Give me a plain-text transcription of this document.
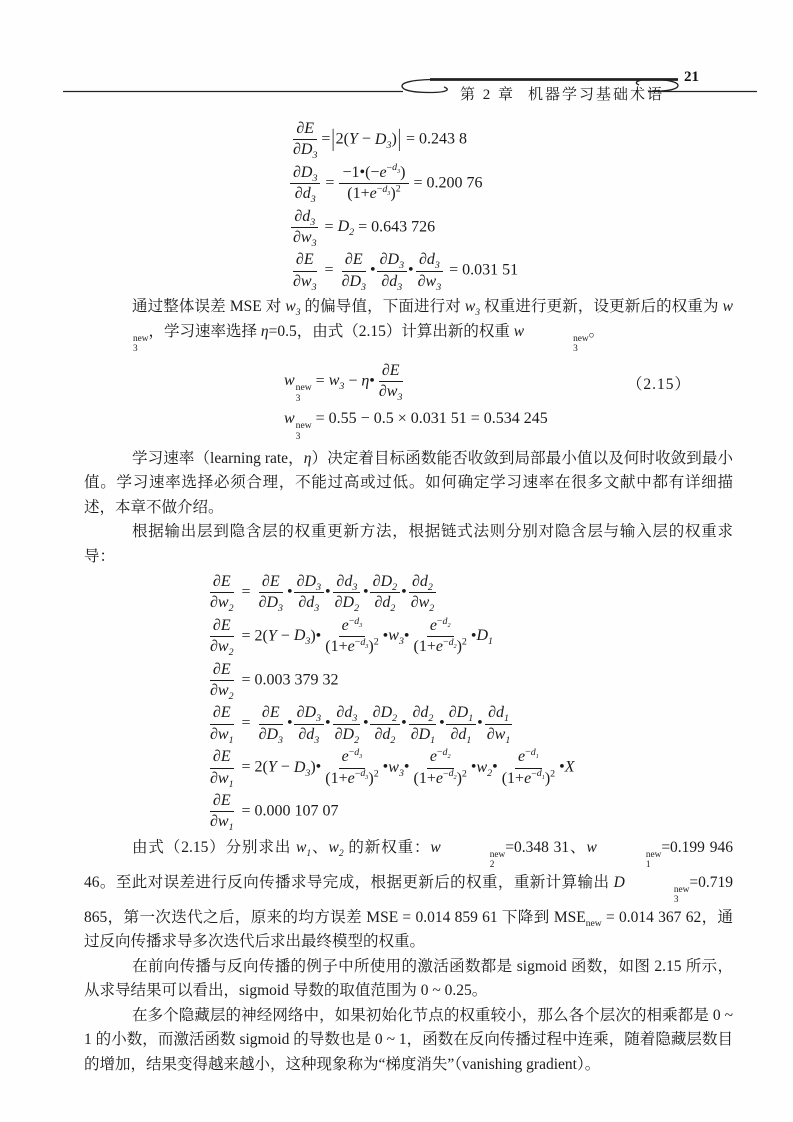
第 2 章 机器学习基础术语
21
$\frac{\partial E}{\partial D_3} =|2(Y - D_3)| = 0.243$ 8
$\frac{\partial D_3}{\partial d_3} = \frac{-1•(-e^{-d_3})}{(1+e^{-d_3})^2} = 0.200$ 76
$\frac{\partial d_3}{\partial w_3} = D_2 = 0.643$ 726
$\frac{\partial E}{\partial w_3} = \frac{\partial E}{\partial D_3}$ • $\frac{\partial D_3}{\partial d_3}$ • $\frac{\partial d_3}{\partial w_3} = 0.031$ 51

通过整体误差 MSE 对 $w_3$ 的偏导值，下面进行对 $w_3$ 权重进行更新，设更新后的权重为 w
new
3
，学习速率选择 η=0.5，由式（2.15）计算出新的权重 w	new
3
。

w new
3
= $w_3$ − η• $\frac{\partial E}{\partial w_3}$	（2.15）
w new
3
= 0.55 − 0.5 × 0.031 51 = 0.534 245

学习速率（learning rate，η）决定着目标函数能否收敛到局部最小值以及何时收敛到最小值。学习速率选择必须合理，不能过高或过低。如何确定学习速率在很多文献中都有详细描述，本章不做介绍。

根据输出层到隐含层的权重更新方法，根据链式法则分别对隐含层与输入层的权重求导：

$\frac{\partial E}{\partial w_2} = \frac{\partial E}{\partial D_3}$ • $\frac{\partial D_3}{\partial d_3}$ • $\frac{\partial d_3}{\partial D_2}$ • $\frac{\partial D_2}{\partial d_2}$ • $\frac{\partial d_2}{\partial w_2}$
$\frac{\partial E}{\partial w_2} = 2(Y$ − $D_3)• \frac{e^{-d_3}}{(1+e^{-d_3})^2}$ $•w_3• \frac{e^{-d_2}}{(1+e^{-d_2})^2}$ $•D_1$
$\frac{\partial E}{\partial w_2} = 0.003$ 379 32
$\frac{\partial E}{\partial w_1} = \frac{\partial E}{\partial D_3}$ • $\frac{\partial D_3}{\partial d_3}$ • $\frac{\partial d_3}{\partial D_2}$ • $\frac{\partial D_2}{\partial d_2}$ • $\frac{\partial d_2}{\partial D_1}$ • $\frac{\partial D_1}{\partial d_1}$ • $\frac{\partial d_1}{\partial w_1}$
$\frac{\partial E}{\partial w_1} = 2(Y$ − $D_3)• \frac{e^{-d_3}}{(1+e^{-d_3})^2}$ $•w_3• \frac{e^{-d_2}}{(1+e^{-d_2})^2}$ $•w_2• \frac{e^{-d_1}}{(1+e^{-d_1})^2}$ •X
$\frac{\partial E}{\partial w_1} = 0.000$ 107 07

由式（2.15）分别求出 $w_1$、$w_2$ 的新权重：w	new
2
=0.348 31、w	new
1
=0.199 946 46。至此对误差进行反向传播求导完成，根据更新后的权重，重新计算输出 D	new
3
=0.719 865，第一次迭代之后，原来的均方误差 MSE = 0.014 859 61 下降到 $MSE_{new} = 0.014$ 367 62，通过反向传播求导多次迭代后求出最终模型的权重。

在前向传播与反向传播的例子中所使用的激活函数都是 sigmoid 函数，如图 2.15 所示，从求导结果可以看出，sigmoid 导数的取值范围为 0 ~ 0.25。

在多个隐藏层的神经网络中，如果初始化节点的权重较小，那么各个层次的相乘都是 0 ~ 1 的小数，而激活函数 sigmoid 的导数也是 0 ~ 1，函数在反向传播过程中连乘，随着隐藏层数目的增加，结果变得越来越小，这种现象称为“梯度消失”（vanishing gradient）。
